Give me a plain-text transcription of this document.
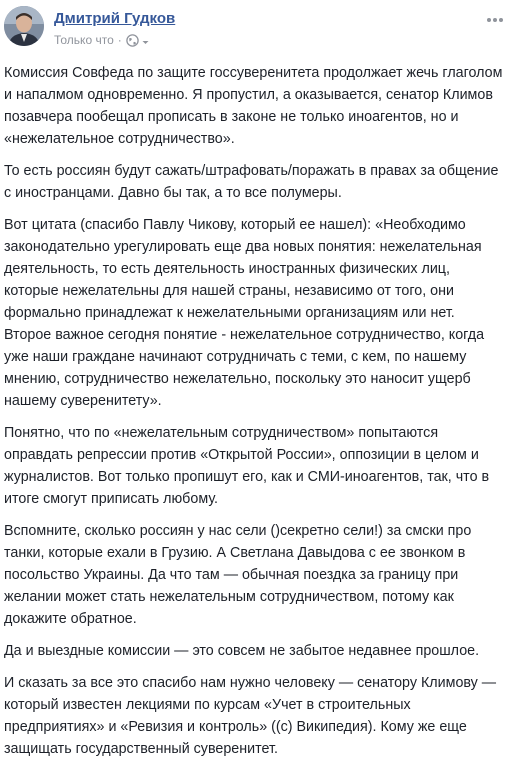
Дмитрий Гудков
Только что ·

Комиссия Совфеда по защите госсуверенитета продолжает жечь глаголом и напалмом одновременно. Я пропустил, а оказывается, сенатор Климов позавчера пообещал прописать в законе не только иноагентов, но и «нежелательное сотрудничество».

То есть россиян будут сажать/штрафовать/поражать в правах за общение с иностранцами. Давно бы так, а то все полумеры.

Вот цитата (спасибо Павлу Чикову, который ее нашел): «Необходимо законодательно урегулировать еще два новых понятия: нежелательная деятельность, то есть деятельность иностранных физических лиц, которые нежелательны для нашей страны, независимо от того, они формально принадлежат к нежелательными организациям или нет. Второе важное сегодня понятие - нежелательное сотрудничество, когда уже наши граждане начинают сотрудничать с теми, с кем, по нашему мнению, сотрудничество нежелательно, поскольку это наносит ущерб нашему суверенитету».

Понятно, что по «нежелательным сотрудничеством» попытаются оправдать репрессии против «Открытой России», оппозиции в целом и журналистов. Вот только пропишут его, как и СМИ-иноагентов, так, что в итоге смогут приписать любому.

Вспомните, сколько россиян у нас сели ()секретно сели!) за смски про танки, которые ехали в Грузию. А Светлана Давыдова с ее звонком в посольство Украины. Да что там — обычная поездка за границу при желании может стать нежелательным сотрудничеством, потому как докажите обратное.

Да и выездные комиссии — это совсем не забытое недавнее прошлое.

И сказать за все это спасибо нам нужно человеку — сенатору Климову — который известен лекциями по курсам «Учет в строительных предприятиях» и «Ревизия и контроль» ((с) Википедия). Кому же еще защищать государственный суверенитет.
